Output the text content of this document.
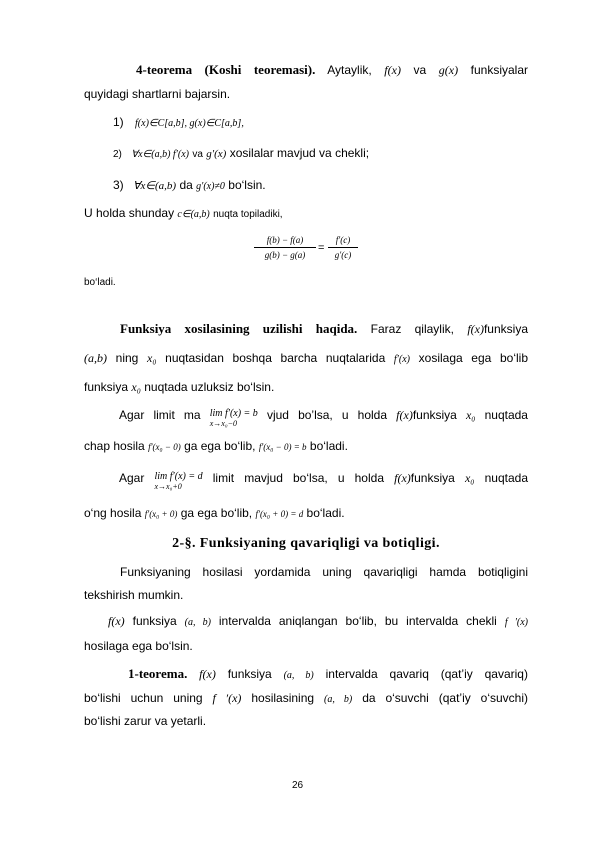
4-teorema (Koshi teoremasi). Aytaylik, f(x) va g(x) funksiyalar
quyidagi shartlarni bajarsin.
1) f(x)∈C[a,b], g(x)∈C[a,b],
2) ∀x∈(a,b) f′(x) va g′(x) xosilalar mavjud va chekli;
3) ∀x∈(a,b) da g′(x)≠0 bo‘lsin.
U holda shunday c∈(a,b) nuqta topiladiki,
f(b) − f(a)
g(b) − g(a)
=
f′(c)
g′(c)
bo‘ladi.
Funksiya xosilasining uzilishi haqida. Faraz qilaylik, f(x)funksiya
(a,b) ning x₀ nuqtasidan boshqa barcha nuqtalarida f′(x) xosilaga ega bo‘lib
funksiya x₀ nuqtada uzluksiz bo‘lsin.
Agar limit ma lim f′(x) = b
x→x₀−0 vjud bo’lsa, u holda f(x)funksiya x₀ nuqtada
chap hosila f′(x₀ − 0) ga ega bo‘lib, f′(x₀ − 0) = b bo‘ladi.
Agar lim f′(x) = d
x→x₀+0 limit mavjud bo‘lsa, u holda f(x)funksiya x₀ nuqtada
o‘ng hosila f′(x₀ + 0) ga ega bo‘lib, f′(x₀ + 0) = d bo‘ladi.
2-§. Funksiyaning qavariqligi va botiqligi.
Funksiyaning hosilasi yordamida uning qavariqligi hamda botiqligini
tekshirish mumkin.
f(x) funksiya (a, b) intervalda aniqlangan bo‘lib, bu intervalda chekli f ′(x)
hosilaga ega bo‘lsin.
1-teorema. f(x) funksiya (a, b) intervalda qavariq (qat’iy qavariq)
bo‘lishi uchun uning f ′(x) hosilasining (a, b) da o‘suvchi (qat’iy o‘suvchi)
bo‘lishi zarur va yetarli.
26
